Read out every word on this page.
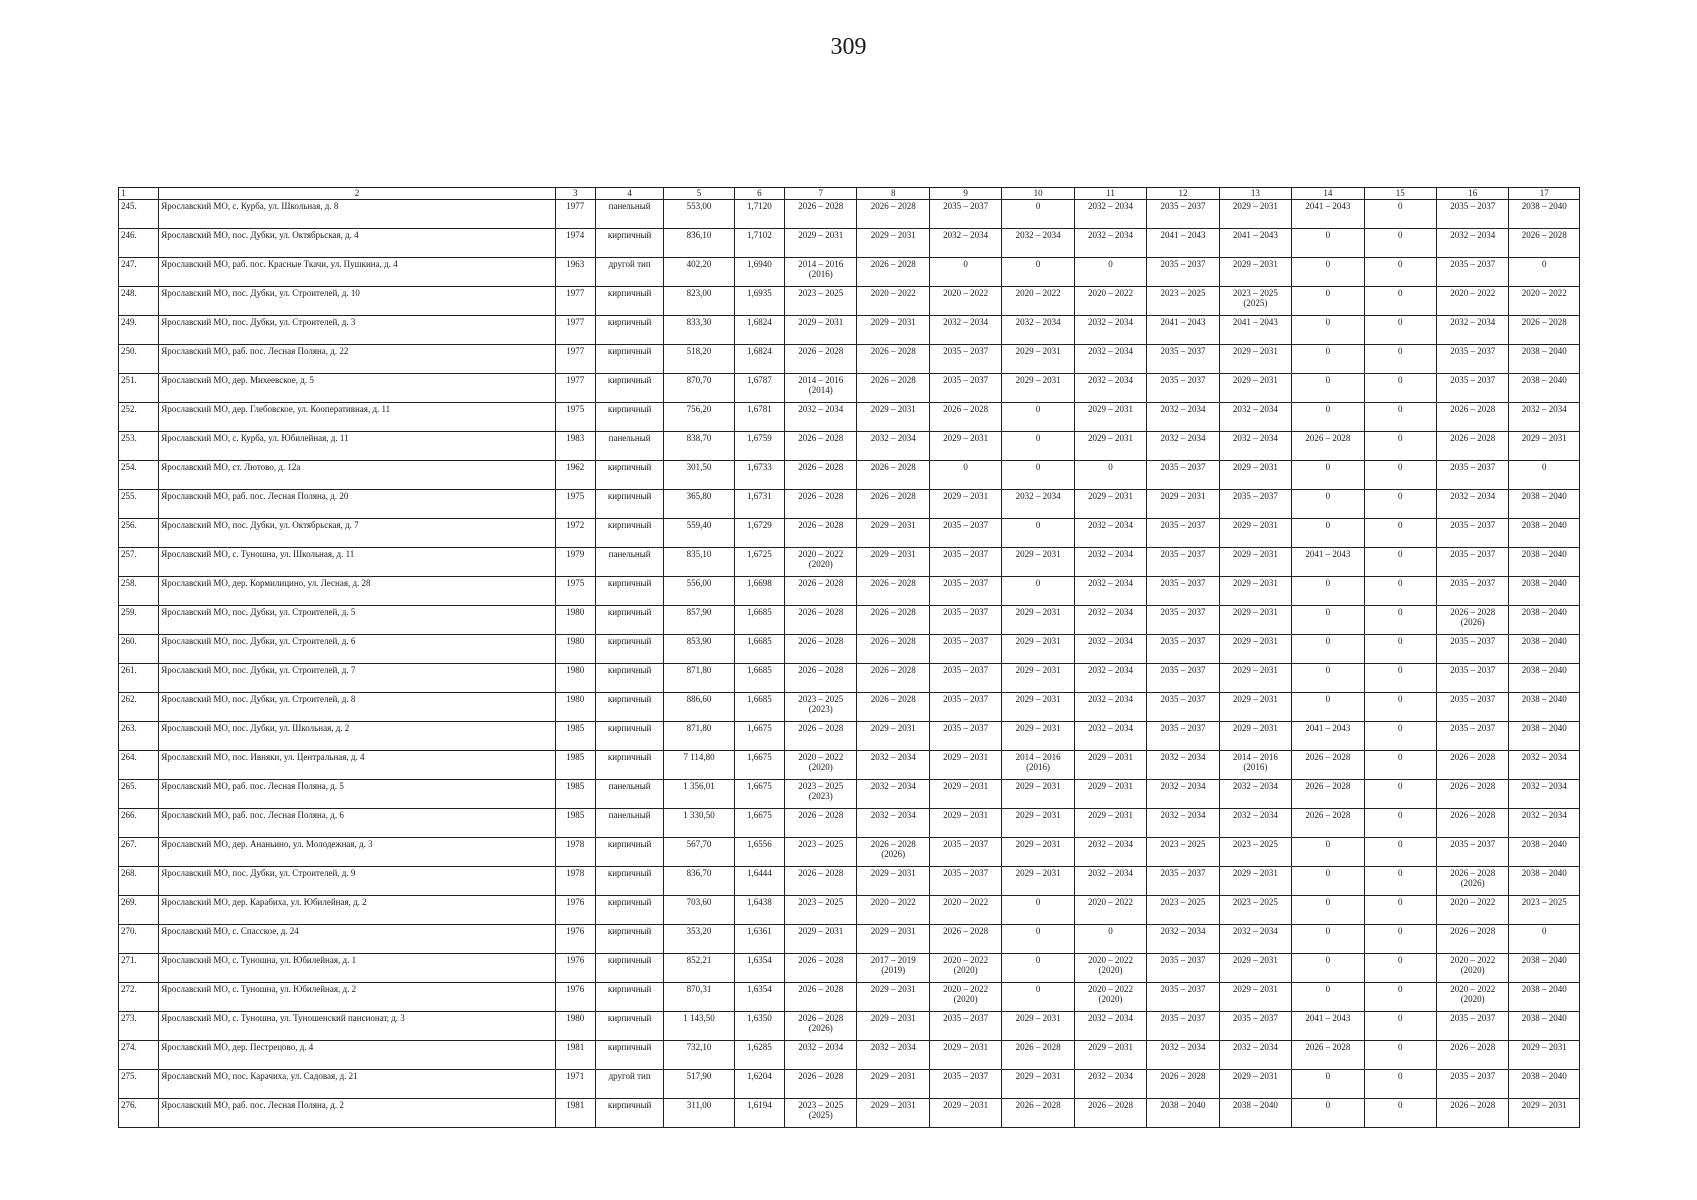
309
1	2	3	4	5	6	7	8	9	10	11	12	13	14	15	16	17
245.	Ярославский МО, с. Курба, ул. Школьная, д. 8	1977	панельный	553,00	1,7120	2026 – 2028	2026 – 2028	2035 – 2037	0	2032 – 2034	2035 – 2037	2029 – 2031	2041 – 2043	0	2035 – 2037	2038 – 2040
246.	Ярославский МО, пос. Дубки, ул. Октябрьская, д. 4	1974	кирпичный	836,10	1,7102	2029 – 2031	2029 – 2031	2032 – 2034	2032 – 2034	2032 – 2034	2041 – 2043	2041 – 2043	0	0	2032 – 2034	2026 – 2028
247.	Ярославский МО, раб. пос. Красные Ткачи, ул. Пушкина, д. 4	1963	другой тип	402,20	1,6940	2014 – 2016
(2016)	2026 – 2028	0	0	0	2035 – 2037	2029 – 2031	0	0	2035 – 2037	0
248.	Ярославский МО, пос. Дубки, ул. Строителей, д. 10	1977	кирпичный	823,00	1,6935	2023 – 2025	2020 – 2022	2020 – 2022	2020 – 2022	2020 – 2022	2023 – 2025	2023 – 2025
(2025)	0	0	2020 – 2022	2020 – 2022
249.	Ярославский МО, пос. Дубки, ул. Строителей, д. 3	1977	кирпичный	833,30	1,6824	2029 – 2031	2029 – 2031	2032 – 2034	2032 – 2034	2032 – 2034	2041 – 2043	2041 – 2043	0	0	2032 – 2034	2026 – 2028
250.	Ярославский МО, раб. пос. Лесная Поляна, д. 22	1977	кирпичный	518,20	1,6824	2026 – 2028	2026 – 2028	2035 – 2037	2029 – 2031	2032 – 2034	2035 – 2037	2029 – 2031	0	0	2035 – 2037	2038 – 2040
251.	Ярославский МО, дер. Михеевское, д. 5	1977	кирпичный	870,70	1,6787	2014 – 2016
(2014)	2026 – 2028	2035 – 2037	2029 – 2031	2032 – 2034	2035 – 2037	2029 – 2031	0	0	2035 – 2037	2038 – 2040
252.	Ярославский МО, дер. Глебовское, ул. Кооперативная, д. 11	1975	кирпичный	756,20	1,6781	2032 – 2034	2029 – 2031	2026 – 2028	0	2029 – 2031	2032 – 2034	2032 – 2034	0	0	2026 – 2028	2032 – 2034
253.	Ярославский МО, с. Курба, ул. Юбилейная, д. 11	1983	панельный	838,70	1,6759	2026 – 2028	2032 – 2034	2029 – 2031	0	2029 – 2031	2032 – 2034	2032 – 2034	2026 – 2028	0	2026 – 2028	2029 – 2031
254.	Ярославский МО, ст. Лютово, д. 12а	1962	кирпичный	301,50	1,6733	2026 – 2028	2026 – 2028	0	0	0	2035 – 2037	2029 – 2031	0	0	2035 – 2037	0
255.	Ярославский МО, раб. пос. Лесная Поляна, д. 20	1975	кирпичный	365,80	1,6731	2026 – 2028	2026 – 2028	2029 – 2031	2032 – 2034	2029 – 2031	2029 – 2031	2035 – 2037	0	0	2032 – 2034	2038 – 2040
256.	Ярославский МО, пос. Дубки, ул. Октябрьская, д. 7	1972	кирпичный	559,40	1,6729	2026 – 2028	2029 – 2031	2035 – 2037	0	2032 – 2034	2035 – 2037	2029 – 2031	0	0	2035 – 2037	2038 – 2040
257.	Ярославский МО, с. Туношна, ул. Школьная, д. 11	1979	панельный	835,10	1,6725	2020 – 2022
(2020)	2029 – 2031	2035 – 2037	2029 – 2031	2032 – 2034	2035 – 2037	2029 – 2031	2041 – 2043	0	2035 – 2037	2038 – 2040
258.	Ярославский МО, дер. Кормилицино, ул. Лесная, д. 28	1975	кирпичный	556,00	1,6698	2026 – 2028	2026 – 2028	2035 – 2037	0	2032 – 2034	2035 – 2037	2029 – 2031	0	0	2035 – 2037	2038 – 2040
259.	Ярославский МО, пос. Дубки, ул. Строителей, д. 5	1980	кирпичный	857,90	1,6685	2026 – 2028	2026 – 2028	2035 – 2037	2029 – 2031	2032 – 2034	2035 – 2037	2029 – 2031	0	0	2026 – 2028
(2026)	2038 – 2040
260.	Ярославский МО, пос. Дубки, ул. Строителей, д. 6	1980	кирпичный	853,90	1,6685	2026 – 2028	2026 – 2028	2035 – 2037	2029 – 2031	2032 – 2034	2035 – 2037	2029 – 2031	0	0	2035 – 2037	2038 – 2040
261.	Ярославский МО, пос. Дубки, ул. Строителей, д. 7	1980	кирпичный	871,80	1,6685	2026 – 2028	2026 – 2028	2035 – 2037	2029 – 2031	2032 – 2034	2035 – 2037	2029 – 2031	0	0	2035 – 2037	2038 – 2040
262.	Ярославский МО, пос. Дубки, ул. Строителей, д. 8	1980	кирпичный	886,60	1,6685	2023 – 2025
(2023)	2026 – 2028	2035 – 2037	2029 – 2031	2032 – 2034	2035 – 2037	2029 – 2031	0	0	2035 – 2037	2038 – 2040
263.	Ярославский МО, пос. Дубки, ул. Школьная, д. 2	1985	кирпичный	871,80	1,6675	2026 – 2028	2029 – 2031	2035 – 2037	2029 – 2031	2032 – 2034	2035 – 2037	2029 – 2031	2041 – 2043	0	2035 – 2037	2038 – 2040
264.	Ярославский МО, пос. Ивняки, ул. Центральная, д. 4	1985	кирпичный	7 114,80	1,6675	2020 – 2022
(2020)	2032 – 2034	2029 – 2031	2014 – 2016
(2016)	2029 – 2031	2032 – 2034	2014 – 2016
(2016)	2026 – 2028	0	2026 – 2028	2032 – 2034
265.	Ярославский МО, раб. пос. Лесная Поляна, д. 5	1985	панельный	1 356,01	1,6675	2023 – 2025
(2023)	2032 – 2034	2029 – 2031	2029 – 2031	2029 – 2031	2032 – 2034	2032 – 2034	2026 – 2028	0	2026 – 2028	2032 – 2034
266.	Ярославский МО, раб. пос. Лесная Поляна, д. 6	1985	панельный	1 330,50	1,6675	2026 – 2028	2032 – 2034	2029 – 2031	2029 – 2031	2029 – 2031	2032 – 2034	2032 – 2034	2026 – 2028	0	2026 – 2028	2032 – 2034
267.	Ярославский МО, дер. Ананьино, ул. Молодежная, д. 3	1978	кирпичный	567,70	1,6556	2023 – 2025	2026 – 2028
(2026)	2035 – 2037	2029 – 2031	2032 – 2034	2023 – 2025	2023 – 2025	0	0	2035 – 2037	2038 – 2040
268.	Ярославский МО, пос. Дубки, ул. Строителей, д. 9	1978	кирпичный	836,70	1,6444	2026 – 2028	2029 – 2031	2035 – 2037	2029 – 2031	2032 – 2034	2035 – 2037	2029 – 2031	0	0	2026 – 2028
(2026)	2038 – 2040
269.	Ярославский МО, дер. Карабиха, ул. Юбилейная, д. 2	1976	кирпичный	703,60	1,6438	2023 – 2025	2020 – 2022	2020 – 2022	0	2020 – 2022	2023 – 2025	2023 – 2025	0	0	2020 – 2022	2023 – 2025
270.	Ярославский МО, с. Спасское, д. 24	1976	кирпичный	353,20	1,6361	2029 – 2031	2029 – 2031	2026 – 2028	0	0	2032 – 2034	2032 – 2034	0	0	2026 – 2028	0
271.	Ярославский МО, с. Туношна, ул. Юбилейная, д. 1	1976	кирпичный	852,21	1,6354	2026 – 2028	2017 – 2019
(2019)	2020 – 2022
(2020)	0	2020 – 2022
(2020)	2035 – 2037	2029 – 2031	0	0	2020 – 2022
(2020)	2038 – 2040
272.	Ярославский МО, с. Туношна, ул. Юбилейная, д. 2	1976	кирпичный	870,31	1,6354	2026 – 2028	2029 – 2031	2020 – 2022
(2020)	0	2020 – 2022
(2020)	2035 – 2037	2029 – 2031	0	0	2020 – 2022
(2020)	2038 – 2040
273.	Ярославский МО, с. Туношна, ул. Туношенский пансионат, д. 3	1980	кирпичный	1 143,50	1,6350	2026 – 2028
(2026)	2029 – 2031	2035 – 2037	2029 – 2031	2032 – 2034	2035 – 2037	2035 – 2037	2041 – 2043	0	2035 – 2037	2038 – 2040
274.	Ярославский МО, дер. Пестрецово, д. 4	1981	кирпичный	732,10	1,6285	2032 – 2034	2032 – 2034	2029 – 2031	2026 – 2028	2029 – 2031	2032 – 2034	2032 – 2034	2026 – 2028	0	2026 – 2028	2029 – 2031
275.	Ярославский МО, пос. Карачиха, ул. Садовая, д. 21	1971	другой тип	517,90	1,6204	2026 – 2028	2029 – 2031	2035 – 2037	2029 – 2031	2032 – 2034	2026 – 2028	2029 – 2031	0	0	2035 – 2037	2038 – 2040
276.	Ярославский МО, раб. пос. Лесная Поляна, д. 2	1981	кирпичный	311,00	1,6194	2023 – 2025
(2025)	2029 – 2031	2029 – 2031	2026 – 2028	2026 – 2028	2038 – 2040	2038 – 2040	0	0	2026 – 2028	2029 – 2031
